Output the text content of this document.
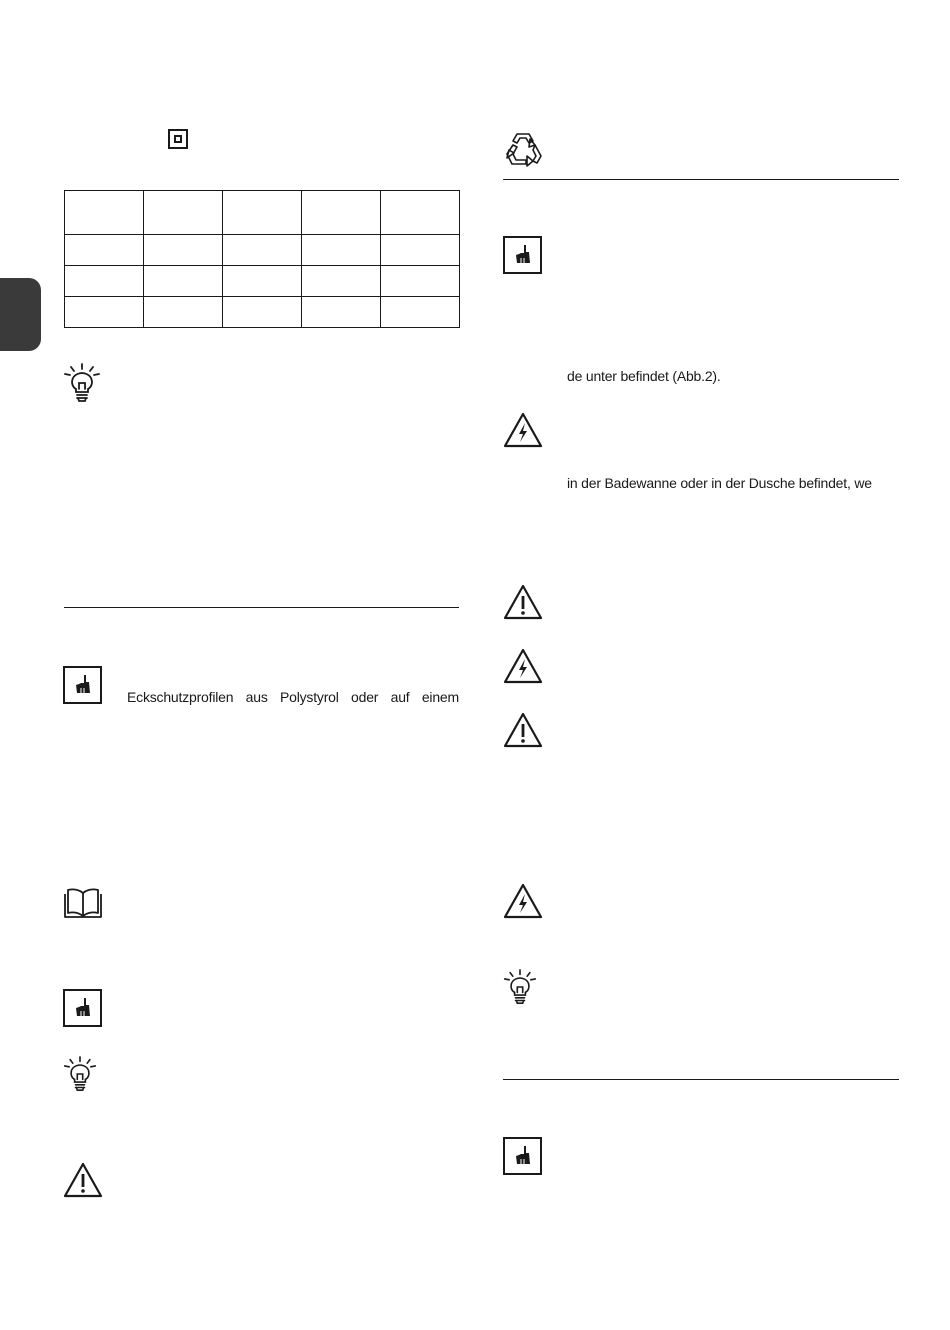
Eckschutzprofilen aus Polystyrol oder auf einem
de unter befindet (Abb.2).
in der Badewanne oder in der Dusche befindet, we
